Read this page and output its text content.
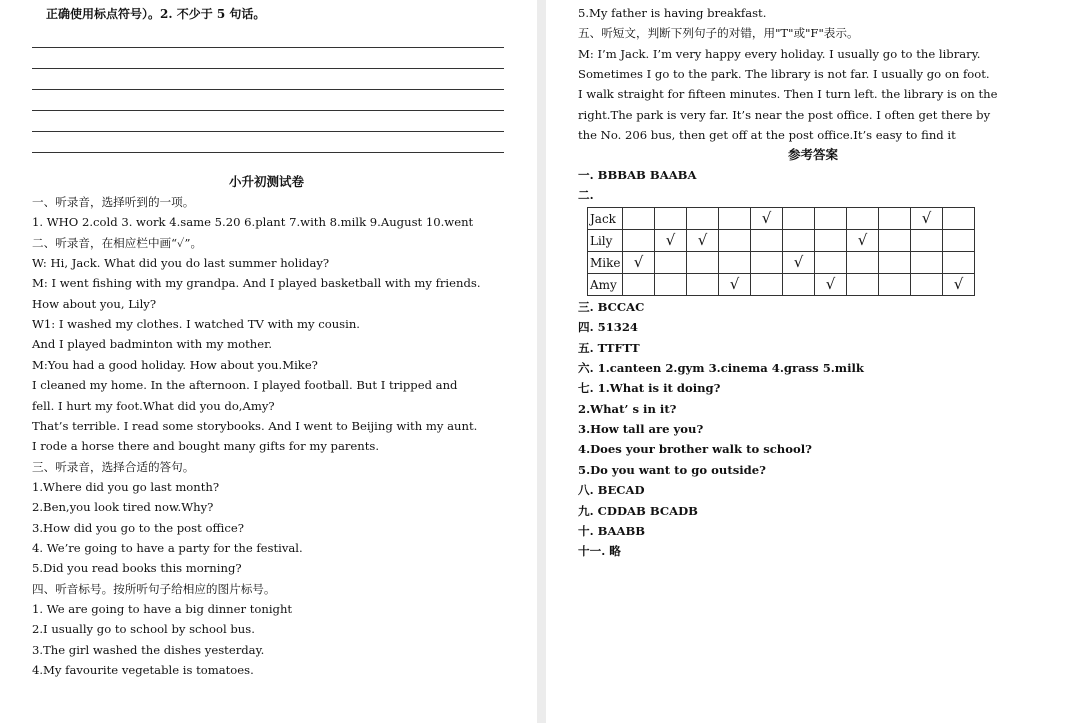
正确使用标点符号）。2. 不少于 5 句话。
小升初测试卷
一、听录音，选择听到的一项。
1. WHO 2.cold 3. work 4.same 5.20 6.plant 7.with 8.milk 9.August 10.went
二、听录音，在相应栏中画“✓”。
W: Hi, Jack. What did you do last summer holiday?
M: I went fishing with my grandpa. And I played basketball with my friends.
How about you, Lily?
W1: I washed my clothes. I watched TV with my cousin.
And I played badminton with my mother.
M:You had a good holiday. How about you.Mike?
I cleaned my home. In the afternoon. I played football. But I tripped and
fell. I hurt my foot.What did you do,Amy?
That’s terrible. I read some storybooks. And I went to Beijing with my aunt.
I rode a horse there and bought many gifts for my parents.
三、听录音，选择合适的答句。
1.Where did you go last month?
2.Ben,you look tired now.Why?
3.How did you go to the post office?
4. We’re going to have a party for the festival.
5.Did you read books this morning?
四、听音标号。按所听句子给相应的图片标号。
1. We are going to have a big dinner tonight
2.I usually go to school by school bus.
3.The girl washed the dishes yesterday.
4.My favourite vegetable is tomatoes.
5.My father is having breakfast.
五、听短文，判断下列句子的对错，用"T"或"F"表示。
M: I’m Jack. I’m very happy every holiday. I usually go to the library.
Sometimes I go to the park. The library is not far. I usually go on foot.
I walk straight for fifteen minutes. Then I turn left. the library is on the
right.The park is very far. It’s near the post office. I often get there by
the No. 206 bus, then get off at the post office.It’s easy to find it
参考答案
一. BBBAB BAABA
二.
Jack					√					√	
Lily		√	√					√			
Mike	√					√					
Amy				√			√				√
三. BCCAC
四. 51324
五. TTFTT
六. 1.canteen 2.gym 3.cinema 4.grass 5.milk
七. 1.What is it doing?
2.What’ s in it?
3.How tall are you?
4.Does your brother walk to school?
5.Do you want to go outside?
八. BECAD
九. CDDAB BCADB
十. BAABB
十一. 略
